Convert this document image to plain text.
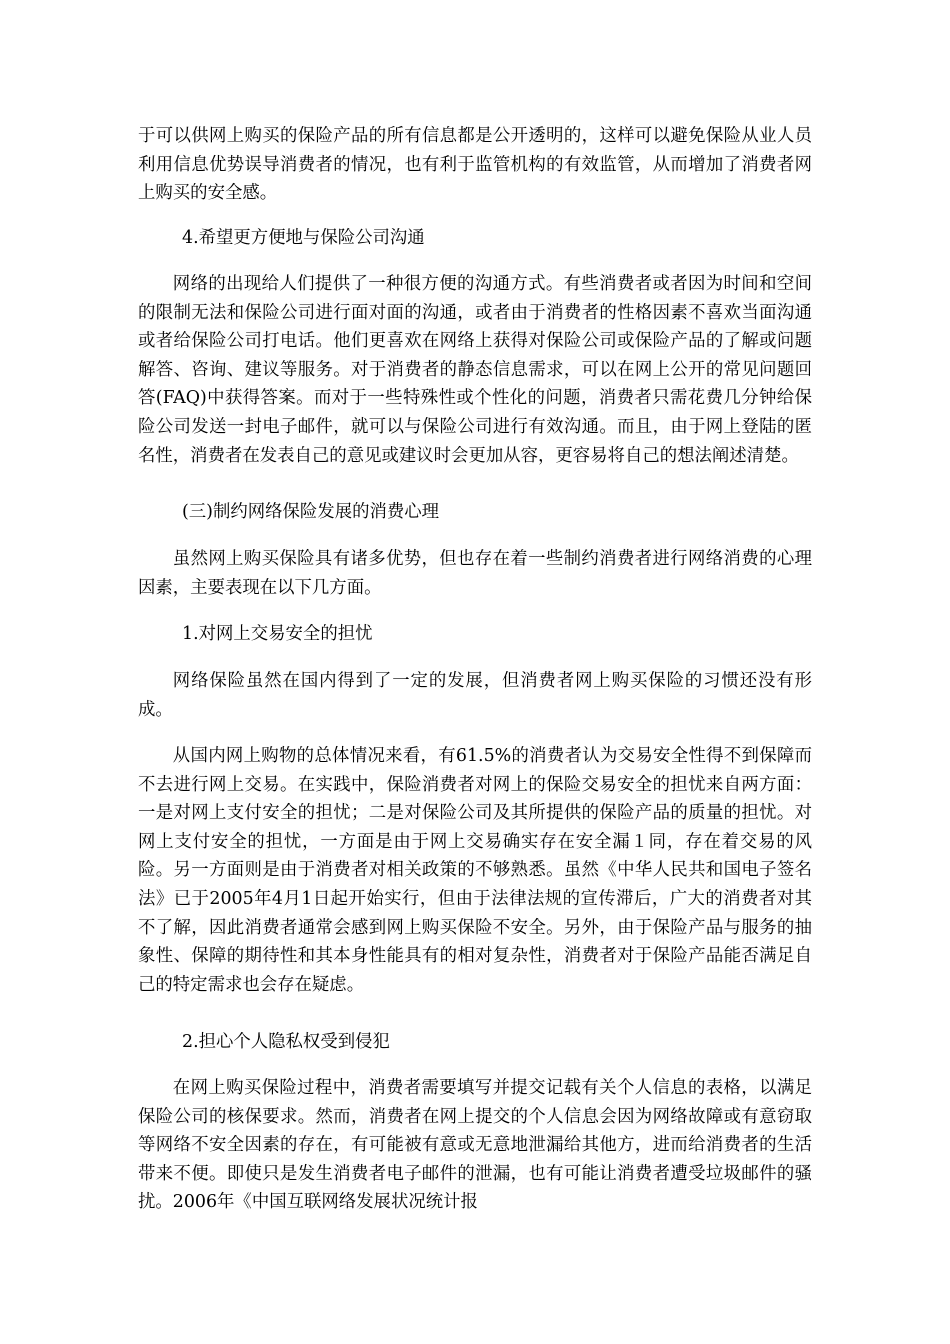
于可以供网上购买的保险产品的所有信息都是公开透明的，这样可以避免保险从业人员利用信息优势误导消费者的情况，也有利于监管机构的有效监管，从而增加了消费者网上购买的安全感。

4.希望更方便地与保险公司沟通

网络的出现给人们提供了一种很方便的沟通方式。有些消费者或者因为时间和空间的限制无法和保险公司进行面对面的沟通，或者由于消费者的性格因素不喜欢当面沟通或者给保险公司打电话。他们更喜欢在网络上获得对保险公司或保险产品的了解或问题解答、咨询、建议等服务。对于消费者的静态信息需求，可以在网上公开的常见问题回答(FAQ)中获得答案。而对于一些特殊性或个性化的问题，消费者只需花费几分钟给保险公司发送一封电子邮件，就可以与保险公司进行有效沟通。而且，由于网上登陆的匿名性，消费者在发表自己的意见或建议时会更加从容，更容易将自己的想法阐述清楚。

(三)制约网络保险发展的消费心理

虽然网上购买保险具有诸多优势，但也存在着一些制约消费者进行网络消费的心理因素，主要表现在以下几方面。

1.对网上交易安全的担忧

网络保险虽然在国内得到了一定的发展，但消费者网上购买保险的习惯还没有形成。

从国内网上购物的总体情况来看，有61.5%的消费者认为交易安全性得不到保障而不去进行网上交易。在实践中，保险消费者对网上的保险交易安全的担忧来自两方面：一是对网上支付安全的担忧；二是对保险公司及其所提供的保险产品的质量的担忧。对网上支付安全的担忧，一方面是由于网上交易确实存在安全漏１同，存在着交易的风险。另一方面则是由于消费者对相关政策的不够熟悉。虽然《中华人民共和国电子签名法》已于2005年4月1日起开始实行，但由于法律法规的宣传滞后，广大的消费者对其不了解，因此消费者通常会感到网上购买保险不安全。另外，由于保险产品与服务的抽象性、保障的期待性和其本身性能具有的相对复杂性，消费者对于保险产品能否满足自己的特定需求也会存在疑虑。

2.担心个人隐私权受到侵犯

在网上购买保险过程中，消费者需要填写并提交记载有关个人信息的表格，以满足保险公司的核保要求。然而，消费者在网上提交的个人信息会因为网络故障或有意窃取等网络不安全因素的存在，有可能被有意或无意地泄漏给其他方，进而给消费者的生活带来不便。即使只是发生消费者电子邮件的泄漏，也有可能让消费者遭受垃圾邮件的骚扰。2006年《中国互联网络发展状况统计报
